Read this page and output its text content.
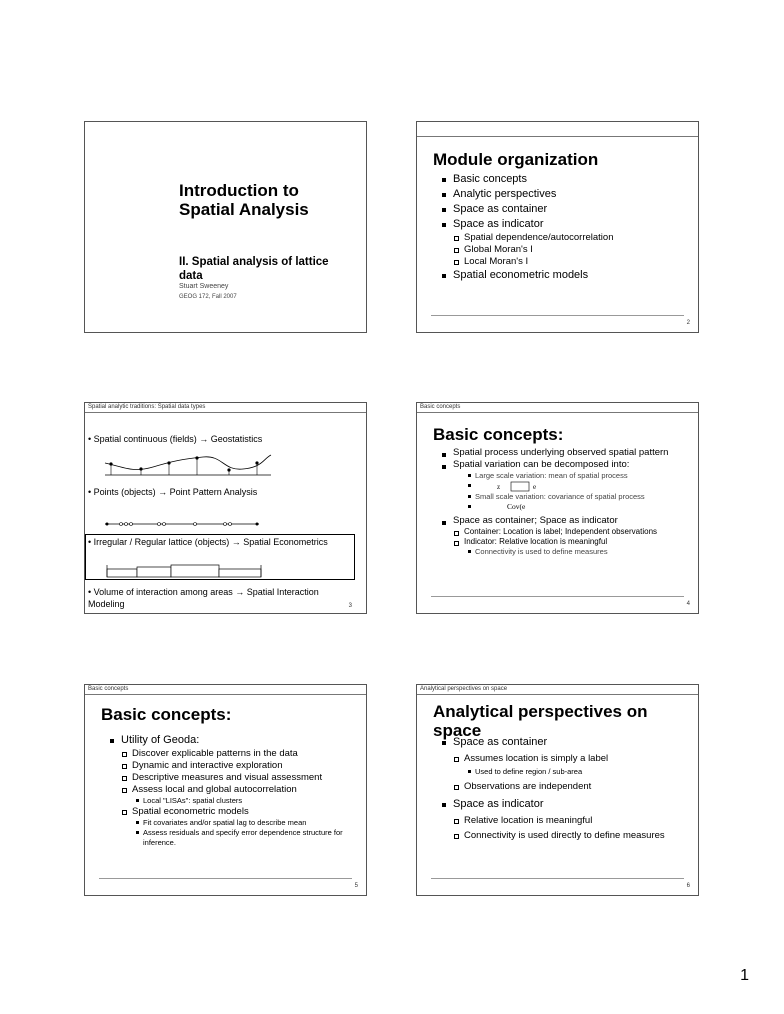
Introduction to
Spatial Analysis
II. Spatial analysis of lattice
data
Stuart Sweeney
GEOG 172, Fall 2007
Module organization
Basic concepts
Analytic perspectives
Space as container
Space as indicator
Spatial dependence/autocorrelation
Global Moran's I
Local Moran's I
Spatial econometric models
2
Spatial analytic traditions: Spatial data types
• Spatial continuous (fields) → Geostatistics
• Points (objects) → Point Pattern Analysis
• Irregular / Regular lattice (objects) → Spatial Econometrics
• Volume of interaction among areas → Spatial Interaction
Modeling	3
Basic concepts
Basic concepts:
Spatial process underlying observed spatial pattern
Spatial variation can be decomposed into:
Large scale variation: mean of spatial process
z	e
Small scale variation: covariance of spatial process
Cov(e
Space as container; Space as indicator
Container: Location is label; Independent observations
Indicator: Relative location is meaningful
Connectivity is used to define measures
4
Basic concepts
Basic concepts:
Utility of Geoda:
Discover explicable patterns in the data
Dynamic and interactive exploration
Descriptive measures and visual assessment
Assess local and global autocorrelation
Local "LISAs": spatial clusters
Spatial econometric models
Fit covariates and/or spatial lag to describe mean
Assess residuals and specify error dependence structure for inference.
5
Analytical perspectives on space
Analytical perspectives on space
Space as container
Assumes location is simply a label
Used to define region / sub-area
Observations are independent
Space as indicator
Relative location is meaningful
Connectivity is used directly to define measures
6
1
